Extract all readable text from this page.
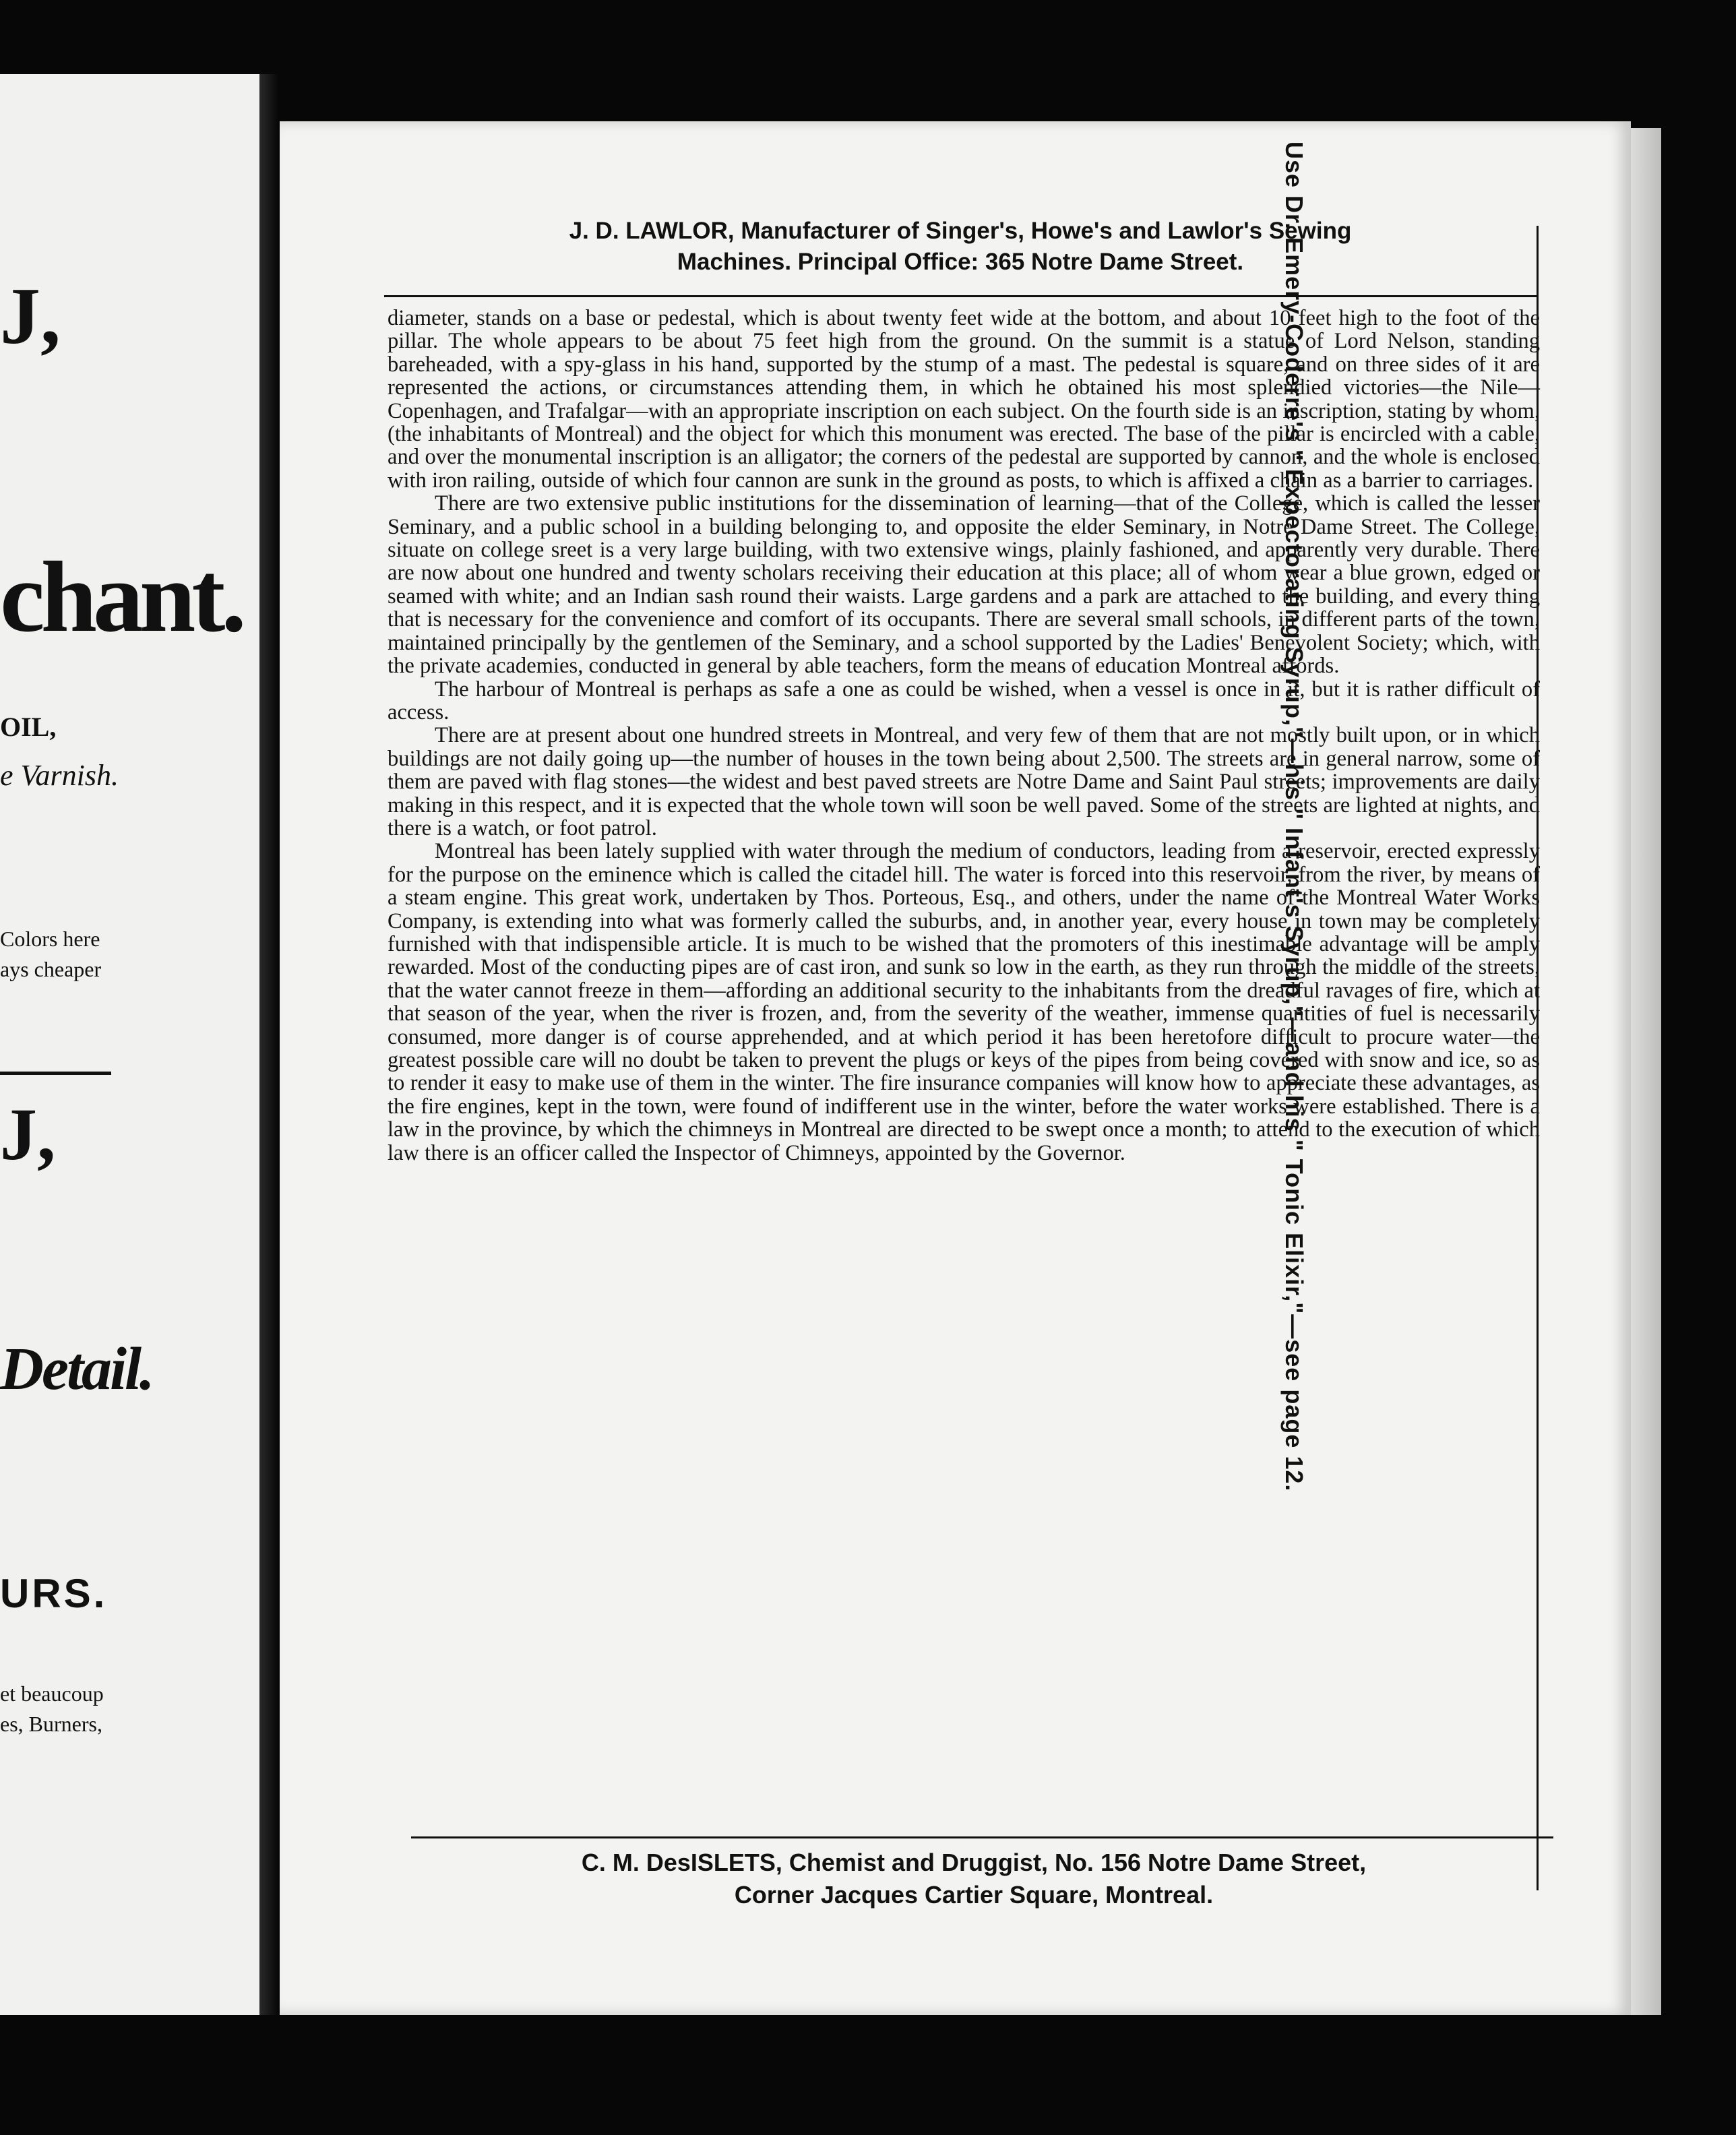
J,
chant.
OIL,
e Varnish.
Colors here
ays cheaper
J,
Detail.
URS.
et beaucoup
es, Burners,
J. D. LAWLOR, Manufacturer of Singer's, Howe's and Lawlor's Sewing
Machines. Principal Office: 365 Notre Dame Street.

diameter, stands on a base or pedestal, which is about twenty feet wide at the bottom, and about 10 feet high to the foot of the pillar. The whole appears to be about 75 feet high from the ground. On the summit is a statue of Lord Nelson, standing bareheaded, with a spy-glass in his hand, supported by the stump of a mast. The pedestal is square, and on three sides of it are represented the actions, or circumstances attending them, in which he obtained his most splendied victories—the Nile—Copenhagen, and Trafalgar—with an appropriate inscription on each subject. On the fourth side is an inscription, stating by whom, (the inhabitants of Montreal) and the object for which this monument was erected. The base of the pillar is encircled with a cable, and over the monumental inscription is an alligator; the corners of the pedestal are supported by cannon, and the whole is enclosed with iron railing, outside of which four cannon are sunk in the ground as posts, to which is affixed a chain as a barrier to carriages.

There are two extensive public institutions for the dissemination of learning—that of the College, which is called the lesser Seminary, and a public school in a building belonging to, and opposite the elder Seminary, in Notre Dame Street. The College, situate on college sreet is a very large building, with two extensive wings, plainly fashioned, and apparently very durable. There are now about one hundred and twenty scholars receiving their education at this place; all of whom wear a blue grown, edged or seamed with white; and an Indian sash round their waists. Large gardens and a park are attached to the building, and every thing that is necessary for the convenience and comfort of its occupants. There are several small schools, in different parts of the town, maintained principally by the gentlemen of the Seminary, and a school supported by the Ladies' Benevolent Society; which, with the private academies, conducted in general by able teachers, form the means of education Montreal affords.

The harbour of Montreal is perhaps as safe a one as could be wished, when a vessel is once in it, but it is rather difficult of access.

There are at present about one hundred streets in Montreal, and very few of them that are not mostly built upon, or in which buildings are not daily going up—the number of houses in the town being about 2,500. The streets are in general narrow, some of them are paved with flag stones—the widest and best paved streets are Notre Dame and Saint Paul streets; improvements are daily making in this respect, and it is expected that the whole town will soon be well paved. Some of the streets are lighted at nights, and there is a watch, or foot patrol.

Montreal has been lately supplied with water through the medium of conductors, leading from a reservoir, erected expressly for the purpose on the eminence which is called the citadel hill. The water is forced into this reservoir, from the river, by means of a steam engine. This great work, undertaken by Thos. Porteous, Esq., and others, under the name of the Montreal Water Works Company, is extending into what was formerly called the suburbs, and, in another year, every house in town may be completely furnished with that indispensible article. It is much to be wished that the promoters of this inestimable advantage will be amply rewarded. Most of the conducting pipes are of cast iron, and sunk so low in the earth, as they run through the middle of the streets, that the water cannot freeze in them—affording an additional security to the inhabitants from the dreadful ravages of fire, which at that season of the year, when the river is frozen, and, from the severity of the weather, immense quantities of fuel is necessarily consumed, more danger is of course apprehended, and at which period it has been heretofore difficult to procure water—the greatest possible care will no doubt be taken to prevent the plugs or keys of the pipes from being covered with snow and ice, so as to render it easy to make use of them in the winter. The fire insurance companies will know how to appreciate these advantages, as the fire engines, kept in the town, were found of indifferent use in the winter, before the water works were established. There is a law in the province, by which the chimneys in Montreal are directed to be swept once a month; to attend to the execution of which law there is an officer called the Inspector of Chimneys, appointed by the Governor.

C. M. DesISLETS, Chemist and Druggist, No. 156 Notre Dame Street,
Corner Jacques Cartier Square, Montreal.
Use Dr. Emery-Coderre's " Expectorating Syrup,"—his " Infant's Syrup,"—and his " Tonic Elixir,"—see page 12.
